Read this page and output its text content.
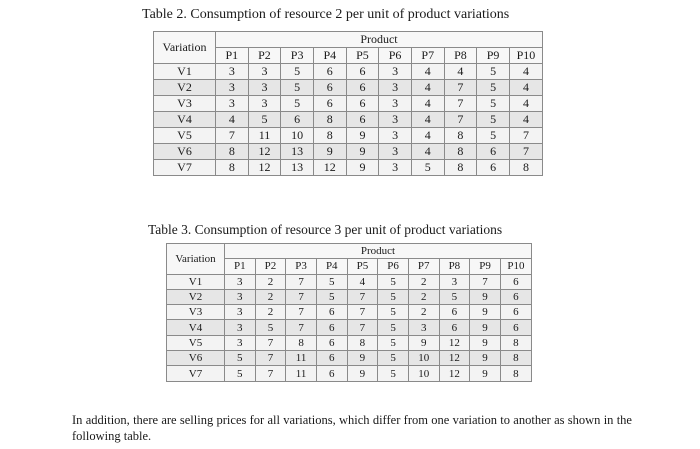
Table 2. Consumption of resource 2 per unit of product variations
Variation	Product									
	P1	P2	P3	P4	P5	P6	P7	P8	P9	P10
V1	3	3	5	6	6	3	4	4	5	4
V2	3	3	5	6	6	3	4	7	5	4
V3	3	3	5	6	6	3	4	7	5	4
V4	4	5	6	8	6	3	4	7	5	4
V5	7	11	10	8	9	3	4	8	5	7
V6	8	12	13	9	9	3	4	8	6	7
V7	8	12	13	12	9	3	5	8	6	8
Table 3. Consumption of resource 3 per unit of product variations
Variation	Product									
	P1	P2	P3	P4	P5	P6	P7	P8	P9	P10
V1	3	2	7	5	4	5	2	3	7	6
V2	3	2	7	5	7	5	2	5	9	6
V3	3	2	7	6	7	5	2	6	9	6
V4	3	5	7	6	7	5	3	6	9	6
V5	3	7	8	6	8	5	9	12	9	8
V6	5	7	11	6	9	5	10	12	9	8
V7	5	7	11	6	9	5	10	12	9	8
In addition, there are selling prices for all variations, which differ from one variation to another as shown in the following table.
